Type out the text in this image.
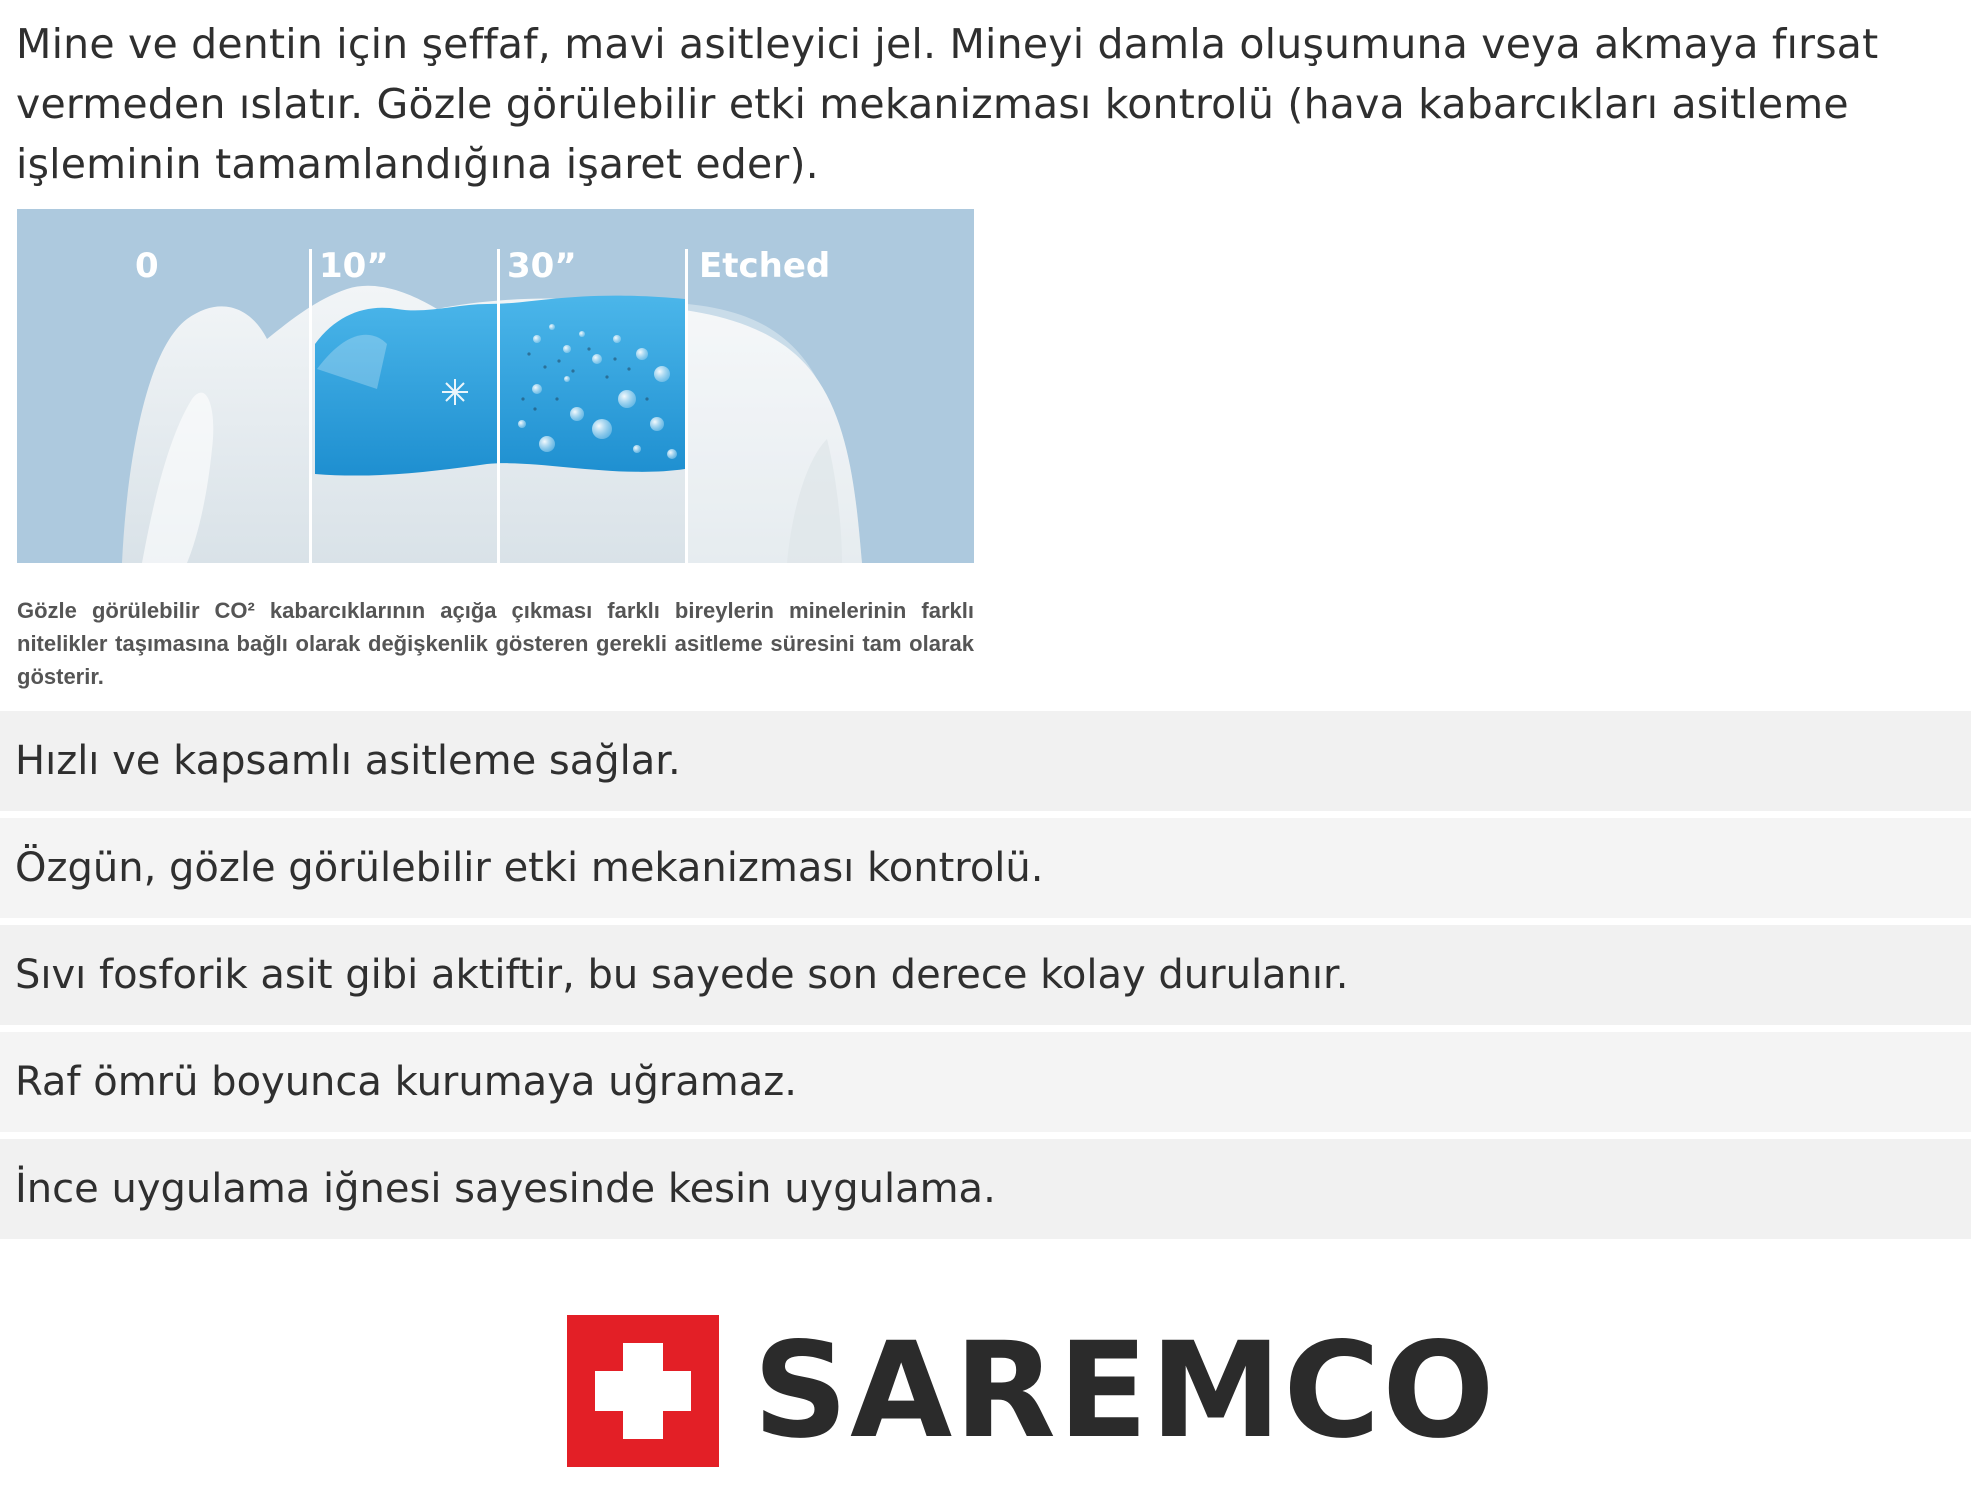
Mine ve dentin için şeffaf, mavi asitleyici jel. Mineyi damla oluşumuna veya akmaya fırsat vermeden ıslatır. Gözle görülebilir etki mekanizması kontrolü (hava kabarcıkları asitleme işleminin tamamlandığına işaret eder).

0	10”	30”	Etched

Gözle görülebilir CO² kabarcıklarının açığa çıkması farklı bireylerin minelerinin farklı nitelikler taşımasına bağlı olarak değişkenlik gösteren gerekli asitleme süresini tam olarak gösterir.

Hızlı ve kapsamlı asitleme sağlar.
Özgün, gözle görülebilir etki mekanizması kontrolü.
Sıvı fosforik asit gibi aktiftir, bu sayede son derece kolay durulanır.
Raf ömrü boyunca kurumaya uğramaz.
İnce uygulama iğnesi sayesinde kesin uygulama.
SAREMCO
